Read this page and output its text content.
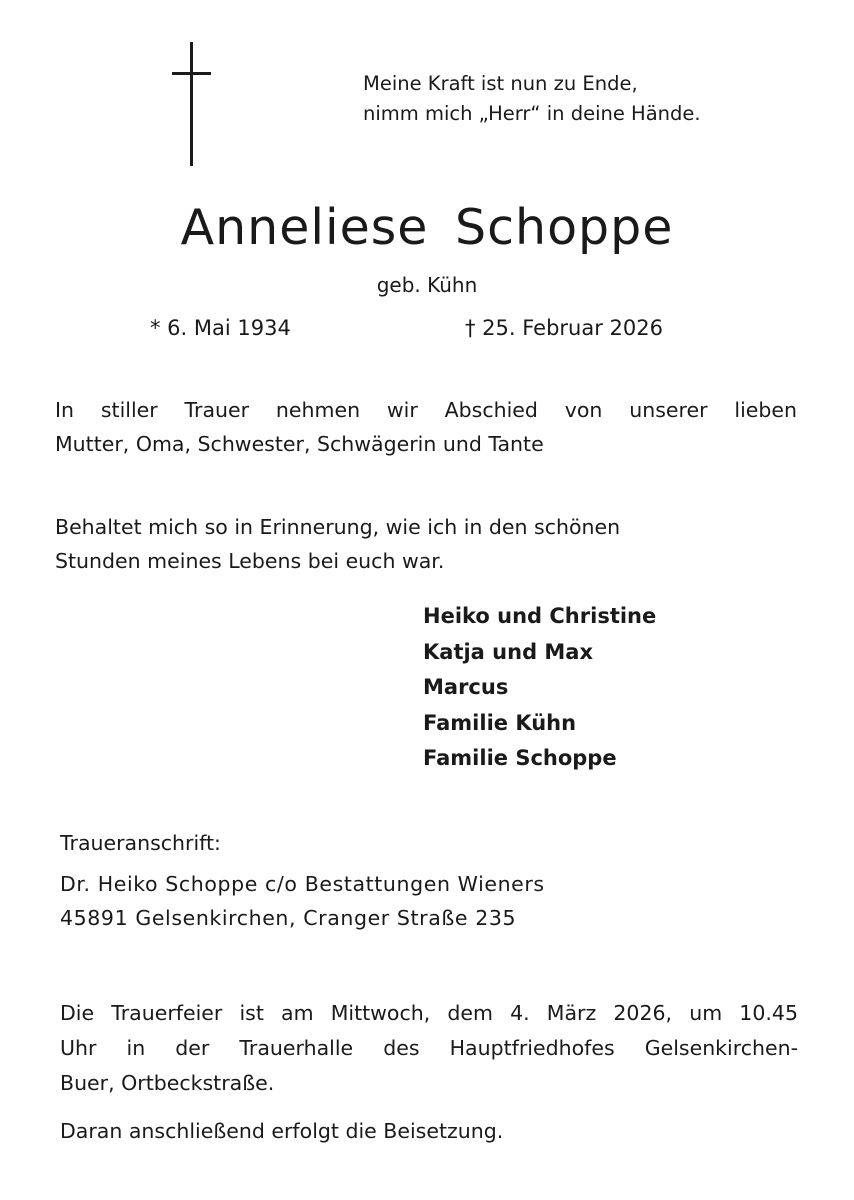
Meine Kraft ist nun zu Ende,
nimm mich „Herr“ in deine Hände.

Anneliese Schoppe

geb. Kühn

* 6. Mai 1934	† 25. Februar 2026

In stiller Trauer nehmen wir Abschied von unserer lieben
Mutter, Oma, Schwester, Schwägerin und Tante

Behaltet mich so in Erinnerung, wie ich in den schönen
Stunden meines Lebens bei euch war.

Heiko und Christine
Katja und Max
Marcus
Familie Kühn
Familie Schoppe

Traueranschrift:

Dr. Heiko Schoppe c/o Bestattungen Wieners
45891 Gelsenkirchen, Cranger Straße 235

Die Trauerfeier ist am Mittwoch, dem 4. März 2026, um 10.45
Uhr in der Trauerhalle des Hauptfriedhofes Gelsenkirchen-
Buer, Ortbeckstraße.

Daran anschließend erfolgt die Beisetzung.
